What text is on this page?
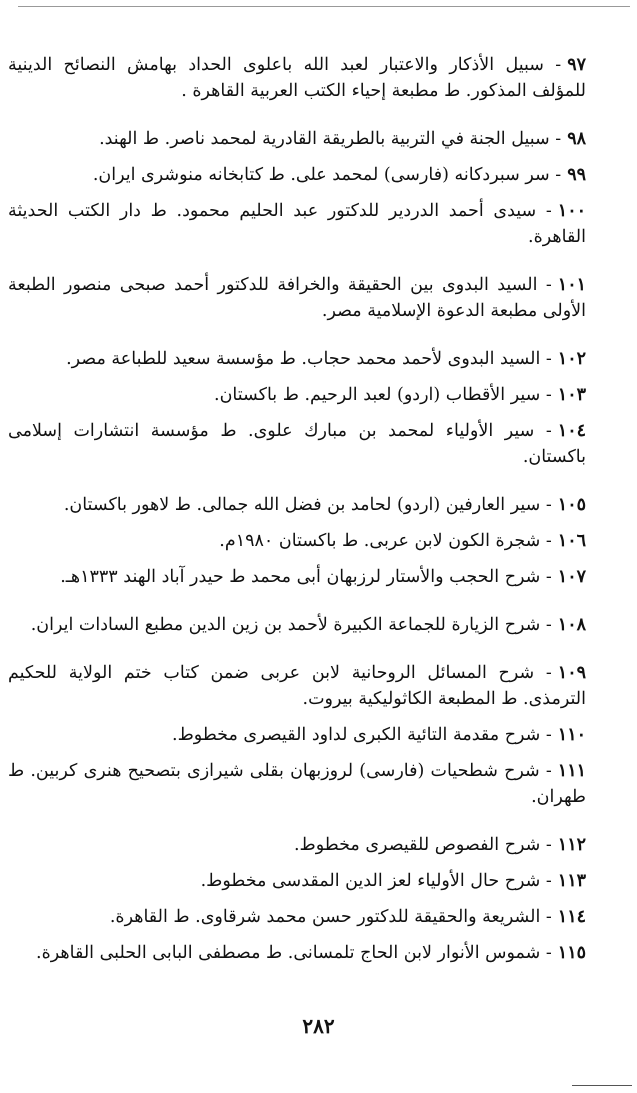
٩٧- سبيل الأذكار والاعتبار لعبد الله باعلوى الحداد بهامش النصائح الدينية للمؤلف المذكور. ط مطبعة إحياء الكتب العربية القاهرة .

٩٨- سبيل الجنة في التربية بالطريقة القادرية لمحمد ناصر. ط الهند.

٩٩- سر سبردكانه (فارسى) لمحمد على. ط كتابخانه منوشرى ايران.

١٠٠- سيدى أحمد الدردير للدكتور عبد الحليم محمود. ط دار الكتب الحديثة القاهرة.

١٠١- السيد البدوى بين الحقيقة والخرافة للدكتور أحمد صبحى منصور الطبعة الأولى مطبعة الدعوة الإسلامية مصر.

١٠٢- السيد البدوى لأحمد محمد حجاب. ط مؤسسة سعيد للطباعة مصر.

١٠٣- سير الأقطاب (اردو) لعبد الرحيم. ط باكستان.

١٠٤- سير الأولياء لمحمد بن مبارك علوى. ط مؤسسة انتشارات إسلامى باكستان.

١٠٥- سير العارفين (اردو) لحامد بن فضل الله جمالى. ط لاهور باكستان.

١٠٦- شجرة الكون لابن عربى. ط باكستان ١٩٨٠م.

١٠٧- شرح الحجب والأستار لرزبهان أبى محمد ط حيدر آباد الهند ١٣٣٣هـ.

١٠٨- شرح الزيارة للجماعة الكبيرة لأحمد بن زين الدين مطبع السادات ايران.

١٠٩- شرح المسائل الروحانية لابن عربى ضمن كتاب ختم الولاية للحكيم الترمذى. ط المطبعة الكاثوليكية بيروت.

١١٠- شرح مقدمة التائية الكبرى لداود القيصرى مخطوط.

١١١- شرح شطحيات (فارسى) لروزبهان بقلى شيرازى بتصحيح هنرى كربين. ط طهران.

١١٢- شرح الفصوص للقيصرى مخطوط.

١١٣- شرح حال الأولياء لعز الدين المقدسى مخطوط.

١١٤- الشريعة والحقيقة للدكتور حسن محمد شرقاوى. ط القاهرة.

١١٥- شموس الأنوار لابن الحاج تلمسانى. ط مصطفى البابى الحلبى القاهرة.

٢٨٢
